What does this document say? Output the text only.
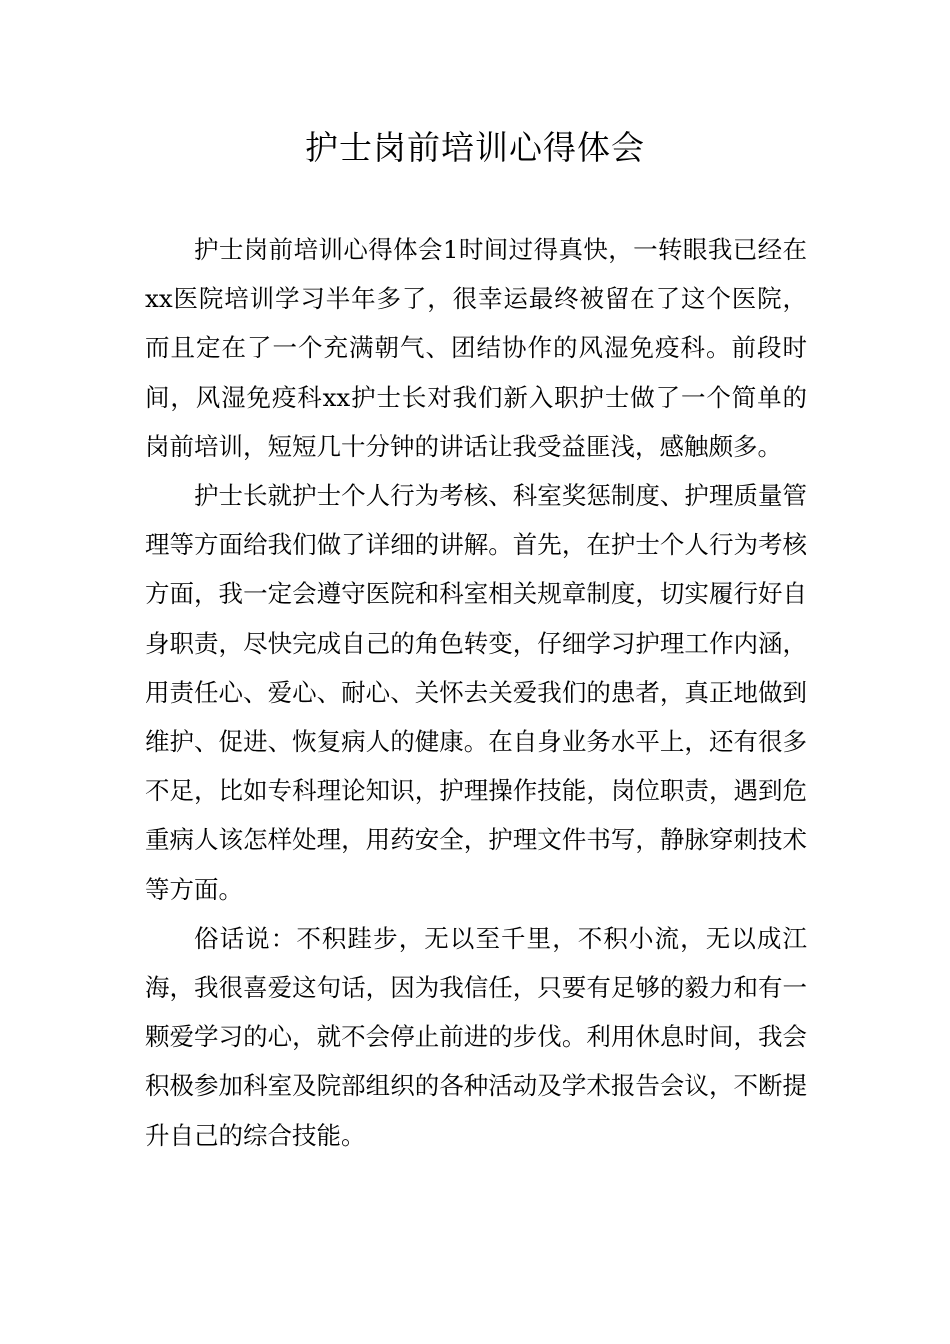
护士岗前培训心得体会

护士岗前培训心得体会1时间过得真快，一转眼我已经在xx医院培训学习半年多了，很幸运最终被留在了这个医院，而且定在了一个充满朝气、团结协作的风湿免疫科。前段时间，风湿免疫科xx护士长对我们新入职护士做了一个简单的岗前培训，短短几十分钟的讲话让我受益匪浅，感触颇多。

护士长就护士个人行为考核、科室奖惩制度、护理质量管理等方面给我们做了详细的讲解。首先，在护士个人行为考核方面，我一定会遵守医院和科室相关规章制度，切实履行好自身职责，尽快完成自己的角色转变，仔细学习护理工作内涵，用责任心、爱心、耐心、关怀去关爱我们的患者，真正地做到维护、促进、恢复病人的健康。在自身业务水平上，还有很多不足，比如专科理论知识，护理操作技能，岗位职责，遇到危重病人该怎样处理，用药安全，护理文件书写，静脉穿刺技术等方面。

俗话说：不积跬步，无以至千里，不积小流，无以成江海，我很喜爱这句话，因为我信任，只要有足够的毅力和有一颗爱学习的心，就不会停止前进的步伐。利用休息时间，我会积极参加科室及院部组织的各种活动及学术报告会议，不断提升自己的综合技能。
